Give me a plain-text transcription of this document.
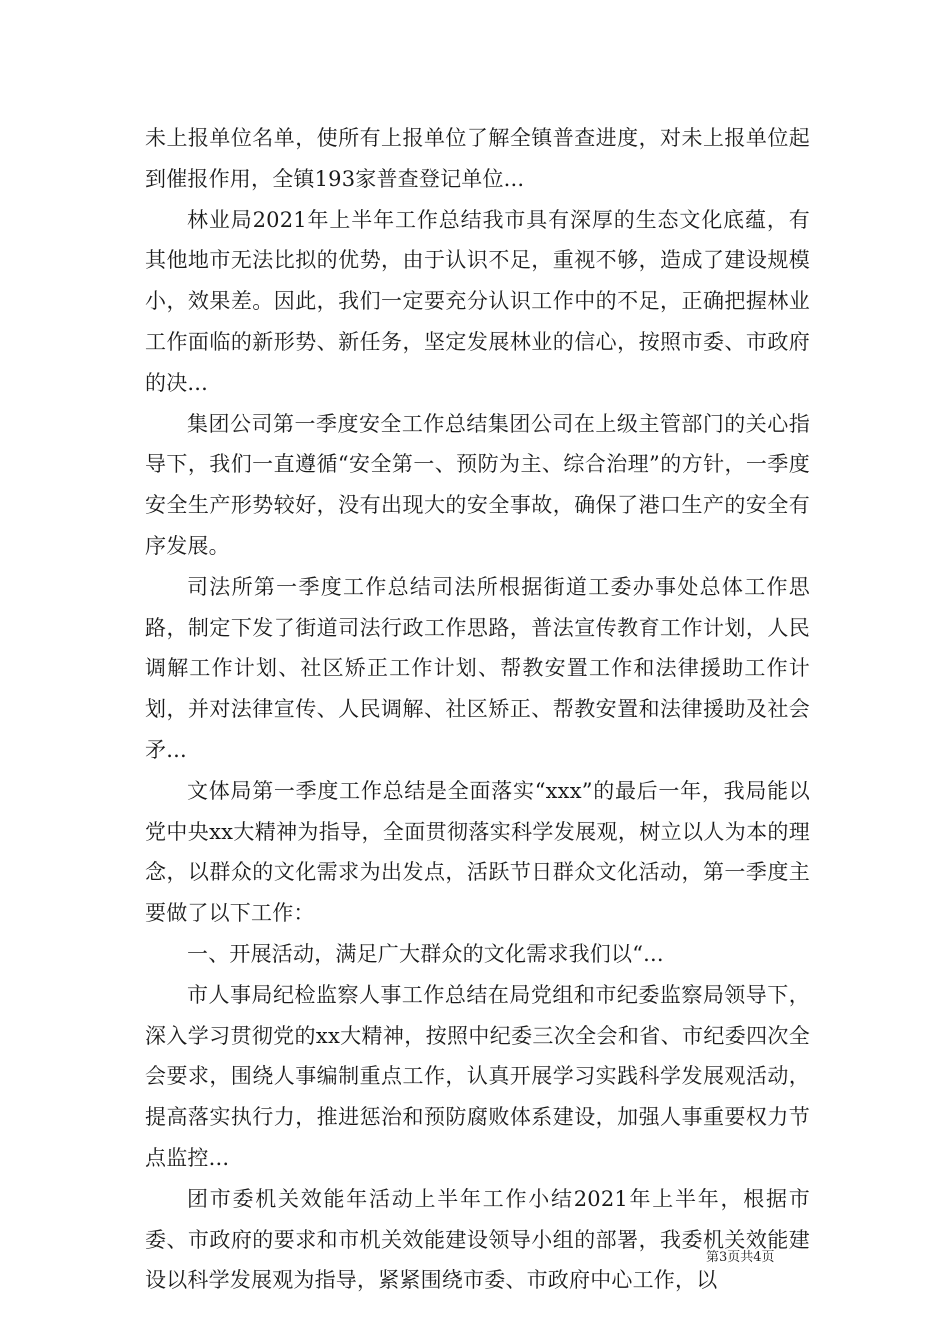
未上报单位名单，使所有上报单位了解全镇普查进度，对未上报单位起到催报作用，全镇193家普查登记单位...

林业局2021年上半年工作总结我市具有深厚的生态文化底蕴，有其他地市无法比拟的优势，由于认识不足，重视不够，造成了建设规模小，效果差。因此，我们一定要充分认识工作中的不足，正确把握林业工作面临的新形势、新任务，坚定发展林业的信心，按照市委、市政府的决...

集团公司第一季度安全工作总结集团公司在上级主管部门的关心指导下，我们一直遵循“安全第一、预防为主、综合治理”的方针，一季度安全生产形势较好，没有出现大的安全事故，确保了港口生产的安全有序发展。

司法所第一季度工作总结司法所根据街道工委办事处总体工作思路，制定下发了街道司法行政工作思路，普法宣传教育工作计划，人民调解工作计划、社区矫正工作计划、帮教安置工作和法律援助工作计划，并对法律宣传、人民调解、社区矫正、帮教安置和法律援助及社会矛...

文体局第一季度工作总结是全面落实“xxx”的最后一年，我局能以党中央xx大精神为指导，全面贯彻落实科学发展观，树立以人为本的理念，以群众的文化需求为出发点，活跃节日群众文化活动，第一季度主要做了以下工作：

一、开展活动，满足广大群众的文化需求我们以“...

市人事局纪检监察人事工作总结在局党组和市纪委监察局领导下，深入学习贯彻党的xx大精神，按照中纪委三次全会和省、市纪委四次全会要求，围绕人事编制重点工作，认真开展学习实践科学发展观活动，提高落实执行力，推进惩治和预防腐败体系建设，加强人事重要权力节点监控...

团市委机关效能年活动上半年工作小结2021年上半年，根据市委、市政府的要求和市机关效能建设领导小组的部署，我委机关效能建设以科学发展观为指导，紧紧围绕市委、市政府中心工作，以

第3页共4页
